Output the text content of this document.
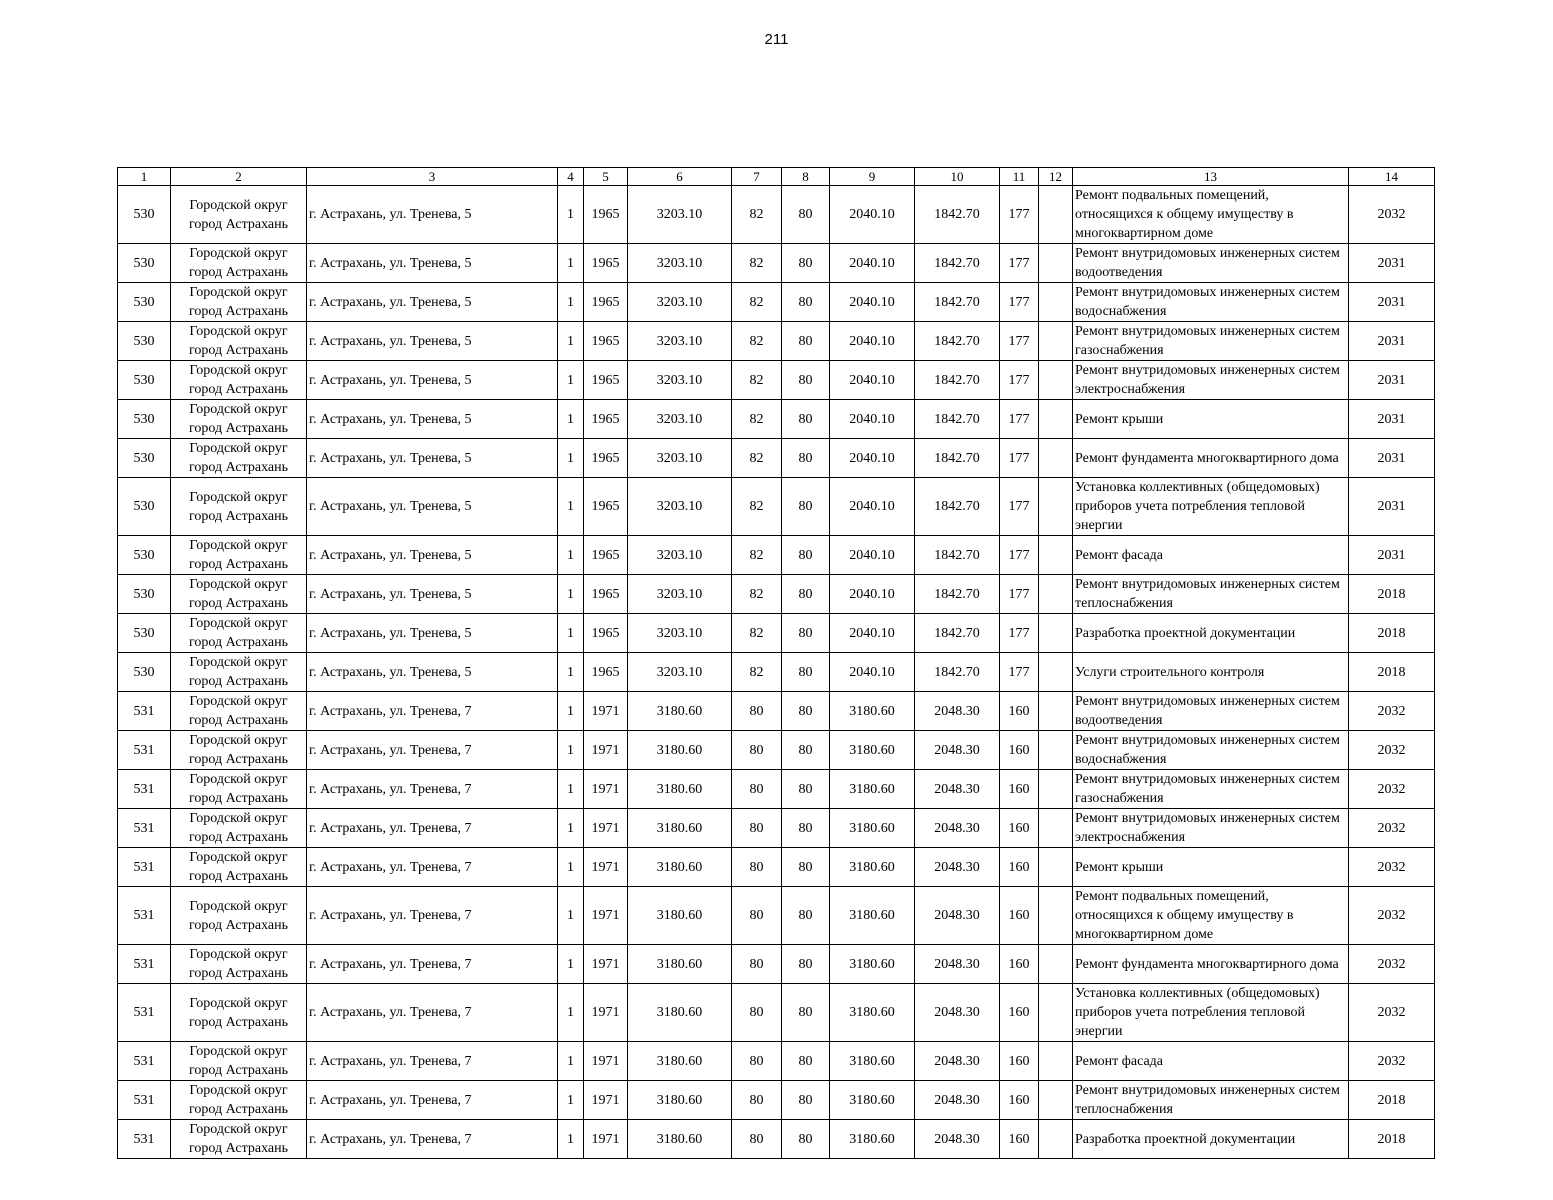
211
1	2	3	4	5	6	7	8	9	10	11	12	13	14
530	Городской округ город Астрахань	г. Астрахань, ул. Тренева, 5	1	1965	3203.10	82	80	2040.10	1842.70	177		Ремонт подвальных помещений, относящихся к общему имуществу в многоквартирном доме	2032
530	Городской округ город Астрахань	г. Астрахань, ул. Тренева, 5	1	1965	3203.10	82	80	2040.10	1842.70	177		Ремонт внутридомовых инженерных систем водоотведения	2031
530	Городской округ город Астрахань	г. Астрахань, ул. Тренева, 5	1	1965	3203.10	82	80	2040.10	1842.70	177		Ремонт внутридомовых инженерных систем водоснабжения	2031
530	Городской округ город Астрахань	г. Астрахань, ул. Тренева, 5	1	1965	3203.10	82	80	2040.10	1842.70	177		Ремонт внутридомовых инженерных систем газоснабжения	2031
530	Городской округ город Астрахань	г. Астрахань, ул. Тренева, 5	1	1965	3203.10	82	80	2040.10	1842.70	177		Ремонт внутридомовых инженерных систем электроснабжения	2031
530	Городской округ город Астрахань	г. Астрахань, ул. Тренева, 5	1	1965	3203.10	82	80	2040.10	1842.70	177		Ремонт крыши	2031
530	Городской округ город Астрахань	г. Астрахань, ул. Тренева, 5	1	1965	3203.10	82	80	2040.10	1842.70	177		Ремонт фундамента многоквартирного дома	2031
530	Городской округ город Астрахань	г. Астрахань, ул. Тренева, 5	1	1965	3203.10	82	80	2040.10	1842.70	177		Установка коллективных (общедомовых) приборов учета потребления тепловой энергии	2031
530	Городской округ город Астрахань	г. Астрахань, ул. Тренева, 5	1	1965	3203.10	82	80	2040.10	1842.70	177		Ремонт фасада	2031
530	Городской округ город Астрахань	г. Астрахань, ул. Тренева, 5	1	1965	3203.10	82	80	2040.10	1842.70	177		Ремонт внутридомовых инженерных систем теплоснабжения	2018
530	Городской округ город Астрахань	г. Астрахань, ул. Тренева, 5	1	1965	3203.10	82	80	2040.10	1842.70	177		Разработка проектной документации	2018
530	Городской округ город Астрахань	г. Астрахань, ул. Тренева, 5	1	1965	3203.10	82	80	2040.10	1842.70	177		Услуги строительного контроля	2018
531	Городской округ город Астрахань	г. Астрахань, ул. Тренева, 7	1	1971	3180.60	80	80	3180.60	2048.30	160		Ремонт внутридомовых инженерных систем водоотведения	2032
531	Городской округ город Астрахань	г. Астрахань, ул. Тренева, 7	1	1971	3180.60	80	80	3180.60	2048.30	160		Ремонт внутридомовых инженерных систем водоснабжения	2032
531	Городской округ город Астрахань	г. Астрахань, ул. Тренева, 7	1	1971	3180.60	80	80	3180.60	2048.30	160		Ремонт внутридомовых инженерных систем газоснабжения	2032
531	Городской округ город Астрахань	г. Астрахань, ул. Тренева, 7	1	1971	3180.60	80	80	3180.60	2048.30	160		Ремонт внутридомовых инженерных систем электроснабжения	2032
531	Городской округ город Астрахань	г. Астрахань, ул. Тренева, 7	1	1971	3180.60	80	80	3180.60	2048.30	160		Ремонт крыши	2032
531	Городской округ город Астрахань	г. Астрахань, ул. Тренева, 7	1	1971	3180.60	80	80	3180.60	2048.30	160		Ремонт подвальных помещений, относящихся к общему имуществу в многоквартирном доме	2032
531	Городской округ город Астрахань	г. Астрахань, ул. Тренева, 7	1	1971	3180.60	80	80	3180.60	2048.30	160		Ремонт фундамента многоквартирного дома	2032
531	Городской округ город Астрахань	г. Астрахань, ул. Тренева, 7	1	1971	3180.60	80	80	3180.60	2048.30	160		Установка коллективных (общедомовых) приборов учета потребления тепловой энергии	2032
531	Городской округ город Астрахань	г. Астрахань, ул. Тренева, 7	1	1971	3180.60	80	80	3180.60	2048.30	160		Ремонт фасада	2032
531	Городской округ город Астрахань	г. Астрахань, ул. Тренева, 7	1	1971	3180.60	80	80	3180.60	2048.30	160		Ремонт внутридомовых инженерных систем теплоснабжения	2018
531	Городской округ город Астрахань	г. Астрахань, ул. Тренева, 7	1	1971	3180.60	80	80	3180.60	2048.30	160		Разработка проектной документации	2018
